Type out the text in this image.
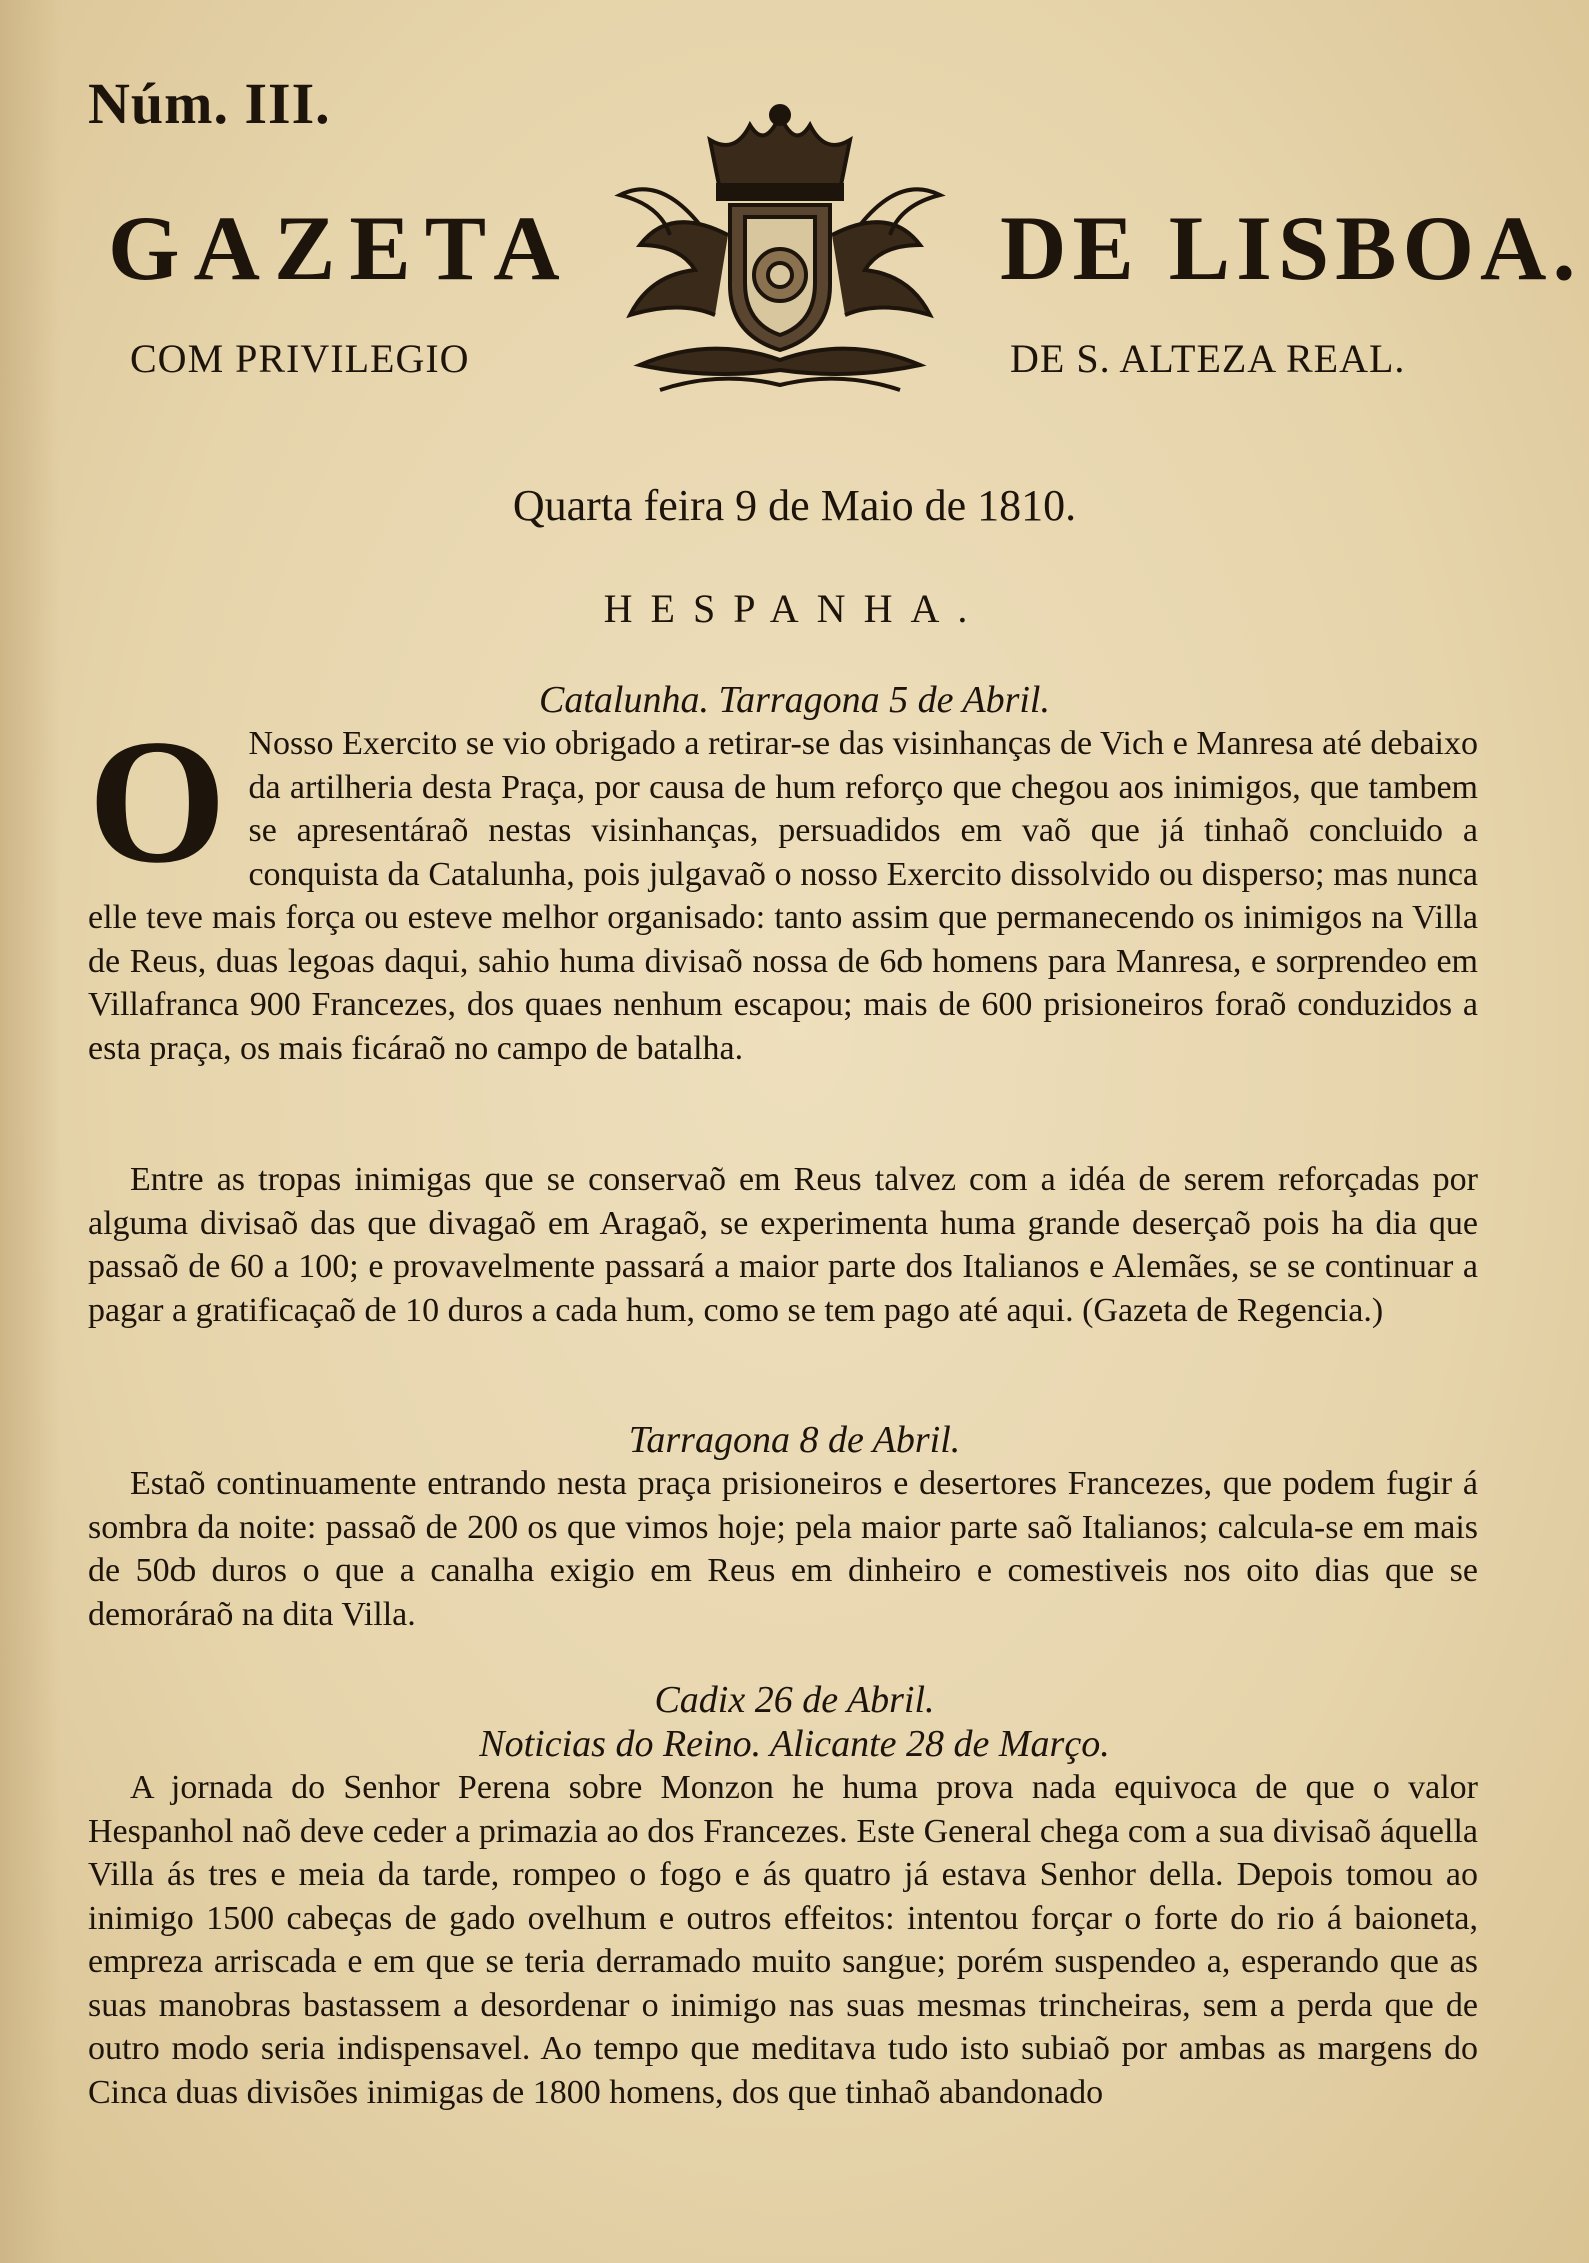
Núm. III.
GAZETA	DE LISBOA.
COM PRIVILEGIO	DE S. ALTEZA REAL.
Quarta feira 9 de Maio de 1810.
HESPANHA.
Catalunha. Tarragona 5 de Abril.
O Nosso Exercito se vio obrigado a retirar-se das visinhanças de Vich e Manresa até debaixo da artilheria desta Praça, por causa de hum reforço que chegou aos inimigos, que tambem se apresentáraõ nestas visinhanças, persuadidos em vaõ que já tinhaõ concluido a conquista da Catalunha, pois julgavaõ o nosso Exercito dissolvido ou disperso; mas nunca elle teve mais força ou esteve melhor organisado: tanto assim que permanecendo os inimigos na Villa de Reus, duas legoas daqui, sahio huma divisaõ nossa de 6ȸ homens para Manresa, e sorprendeo em Villafranca 900 Francezes, dos quaes nenhum escapou; mais de 600 prisioneiros foraõ conduzidos a esta praça, os mais ficáraõ no campo de batalha.
Entre as tropas inimigas que se conservaõ em Reus talvez com a idéa de serem reforçadas por alguma divisaõ das que divagaõ em Aragaõ, se experimenta huma grande deserçaõ pois ha dia que passaõ de 60 a 100; e provavelmente passará a maior parte dos Italianos e Alemães, se se continuar a pagar a gratificaçaõ de 10 duros a cada hum, como se tem pago até aqui. (Gazeta de Regencia.)
Tarragona 8 de Abril.
Estaõ continuamente entrando nesta praça prisioneiros e desertores Francezes, que podem fugir á sombra da noite: passaõ de 200 os que vimos hoje; pela maior parte saõ Italianos; calcula-se em mais de 50ȸ duros o que a canalha exigio em Reus em dinheiro e comestiveis nos oito dias que se demoráraõ na dita Villa.
Cadix 26 de Abril.
Noticias do Reino. Alicante 28 de Março.
A jornada do Senhor Perena sobre Monzon he huma prova nada equivoca de que o valor Hespanhol naõ deve ceder a primazia ao dos Francezes. Este General chega com a sua divisaõ áquella Villa ás tres e meia da tarde, rompeo o fogo e ás quatro já estava Senhor della. Depois tomou ao inimigo 1500 cabeças de gado ovelhum e outros effeitos: intentou forçar o forte do rio á baioneta, empreza arriscada e em que se teria derramado muito sangue; porém suspendeo a, esperando que as suas manobras bastassem a desordenar o inimigo nas suas mesmas trincheiras, sem a perda que de outro modo seria indispensavel. Ao tempo que meditava tudo isto subiaõ por ambas as margens do Cinca duas divisões inimigas de 1800 homens, dos que tinhaõ abandonado
